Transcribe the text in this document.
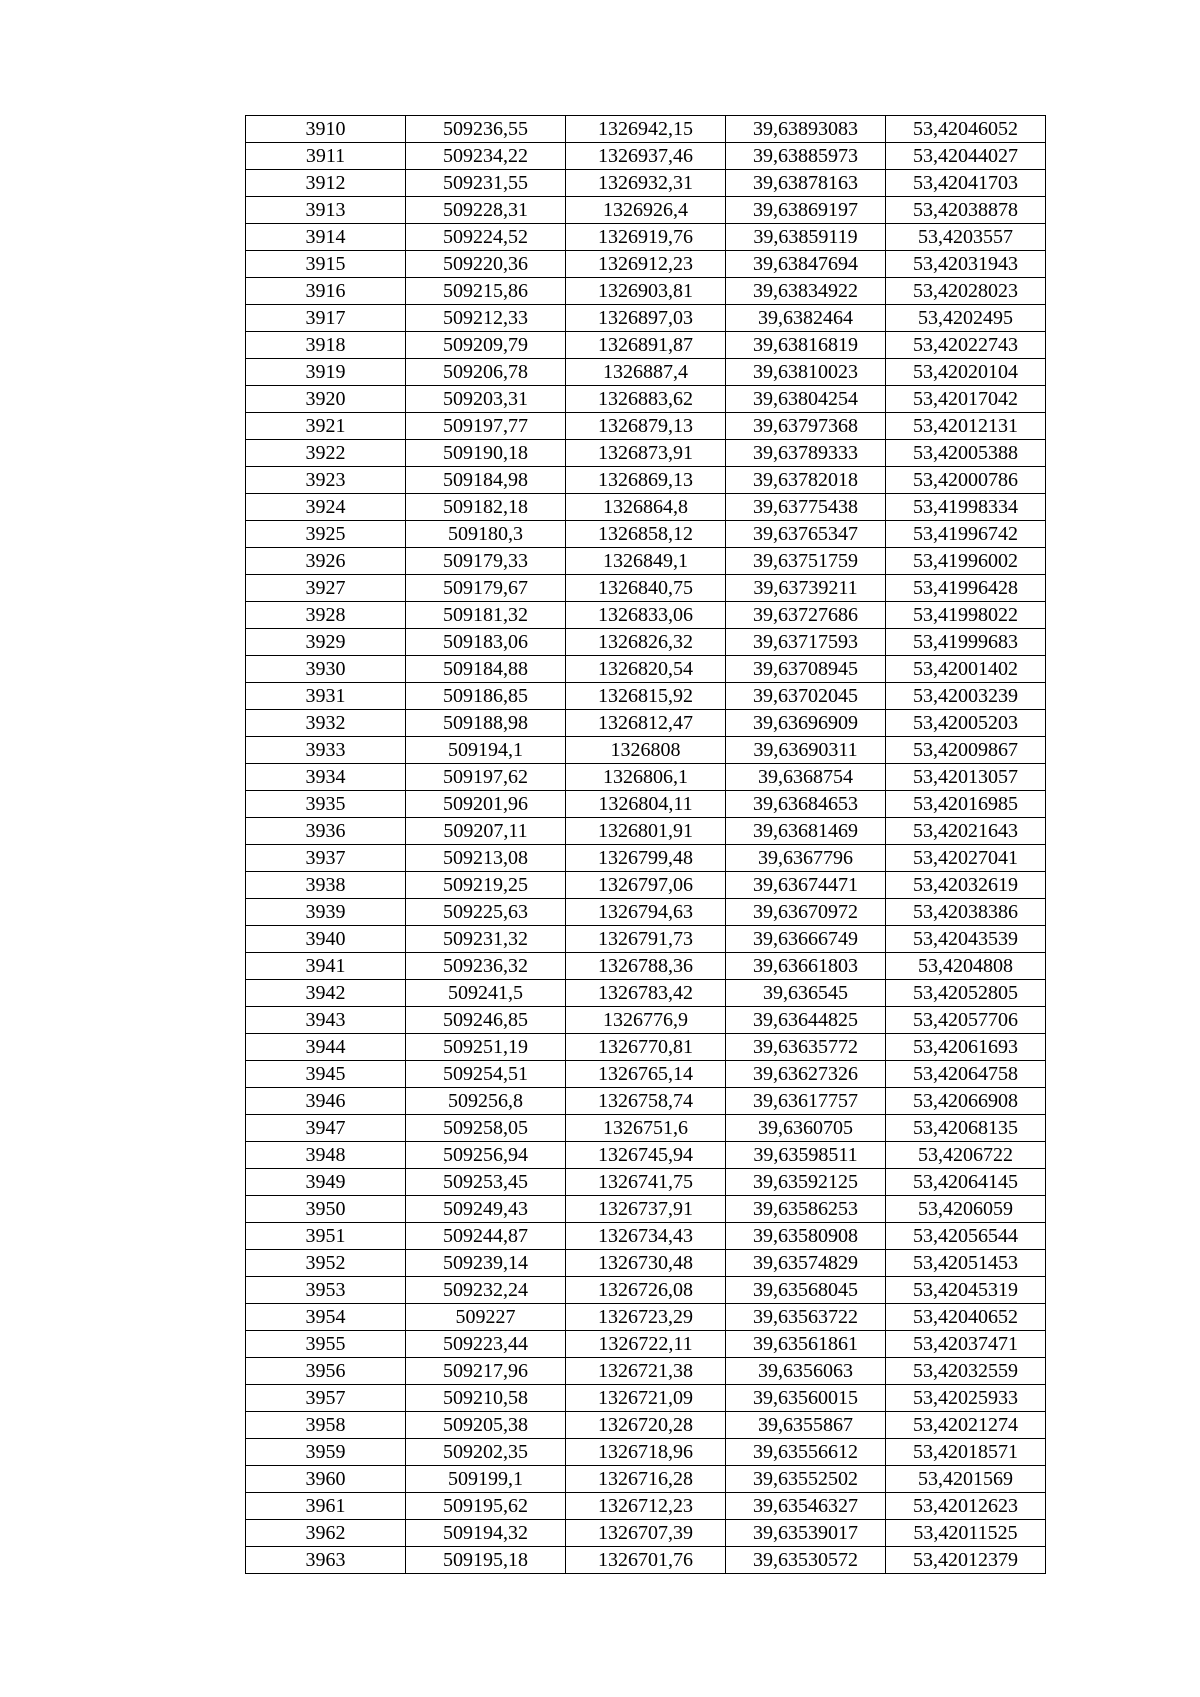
3910	509236,55	1326942,15	39,63893083	53,42046052
3911	509234,22	1326937,46	39,63885973	53,42044027
3912	509231,55	1326932,31	39,63878163	53,42041703
3913	509228,31	1326926,4	39,63869197	53,42038878
3914	509224,52	1326919,76	39,63859119	53,4203557
3915	509220,36	1326912,23	39,63847694	53,42031943
3916	509215,86	1326903,81	39,63834922	53,42028023
3917	509212,33	1326897,03	39,6382464	53,4202495
3918	509209,79	1326891,87	39,63816819	53,42022743
3919	509206,78	1326887,4	39,63810023	53,42020104
3920	509203,31	1326883,62	39,63804254	53,42017042
3921	509197,77	1326879,13	39,63797368	53,42012131
3922	509190,18	1326873,91	39,63789333	53,42005388
3923	509184,98	1326869,13	39,63782018	53,42000786
3924	509182,18	1326864,8	39,63775438	53,41998334
3925	509180,3	1326858,12	39,63765347	53,41996742
3926	509179,33	1326849,1	39,63751759	53,41996002
3927	509179,67	1326840,75	39,63739211	53,41996428
3928	509181,32	1326833,06	39,63727686	53,41998022
3929	509183,06	1326826,32	39,63717593	53,41999683
3930	509184,88	1326820,54	39,63708945	53,42001402
3931	509186,85	1326815,92	39,63702045	53,42003239
3932	509188,98	1326812,47	39,63696909	53,42005203
3933	509194,1	1326808	39,63690311	53,42009867
3934	509197,62	1326806,1	39,6368754	53,42013057
3935	509201,96	1326804,11	39,63684653	53,42016985
3936	509207,11	1326801,91	39,63681469	53,42021643
3937	509213,08	1326799,48	39,6367796	53,42027041
3938	509219,25	1326797,06	39,63674471	53,42032619
3939	509225,63	1326794,63	39,63670972	53,42038386
3940	509231,32	1326791,73	39,63666749	53,42043539
3941	509236,32	1326788,36	39,63661803	53,4204808
3942	509241,5	1326783,42	39,636545	53,42052805
3943	509246,85	1326776,9	39,63644825	53,42057706
3944	509251,19	1326770,81	39,63635772	53,42061693
3945	509254,51	1326765,14	39,63627326	53,42064758
3946	509256,8	1326758,74	39,63617757	53,42066908
3947	509258,05	1326751,6	39,6360705	53,42068135
3948	509256,94	1326745,94	39,63598511	53,4206722
3949	509253,45	1326741,75	39,63592125	53,42064145
3950	509249,43	1326737,91	39,63586253	53,4206059
3951	509244,87	1326734,43	39,63580908	53,42056544
3952	509239,14	1326730,48	39,63574829	53,42051453
3953	509232,24	1326726,08	39,63568045	53,42045319
3954	509227	1326723,29	39,63563722	53,42040652
3955	509223,44	1326722,11	39,63561861	53,42037471
3956	509217,96	1326721,38	39,6356063	53,42032559
3957	509210,58	1326721,09	39,63560015	53,42025933
3958	509205,38	1326720,28	39,6355867	53,42021274
3959	509202,35	1326718,96	39,63556612	53,42018571
3960	509199,1	1326716,28	39,63552502	53,4201569
3961	509195,62	1326712,23	39,63546327	53,42012623
3962	509194,32	1326707,39	39,63539017	53,42011525
3963	509195,18	1326701,76	39,63530572	53,42012379
